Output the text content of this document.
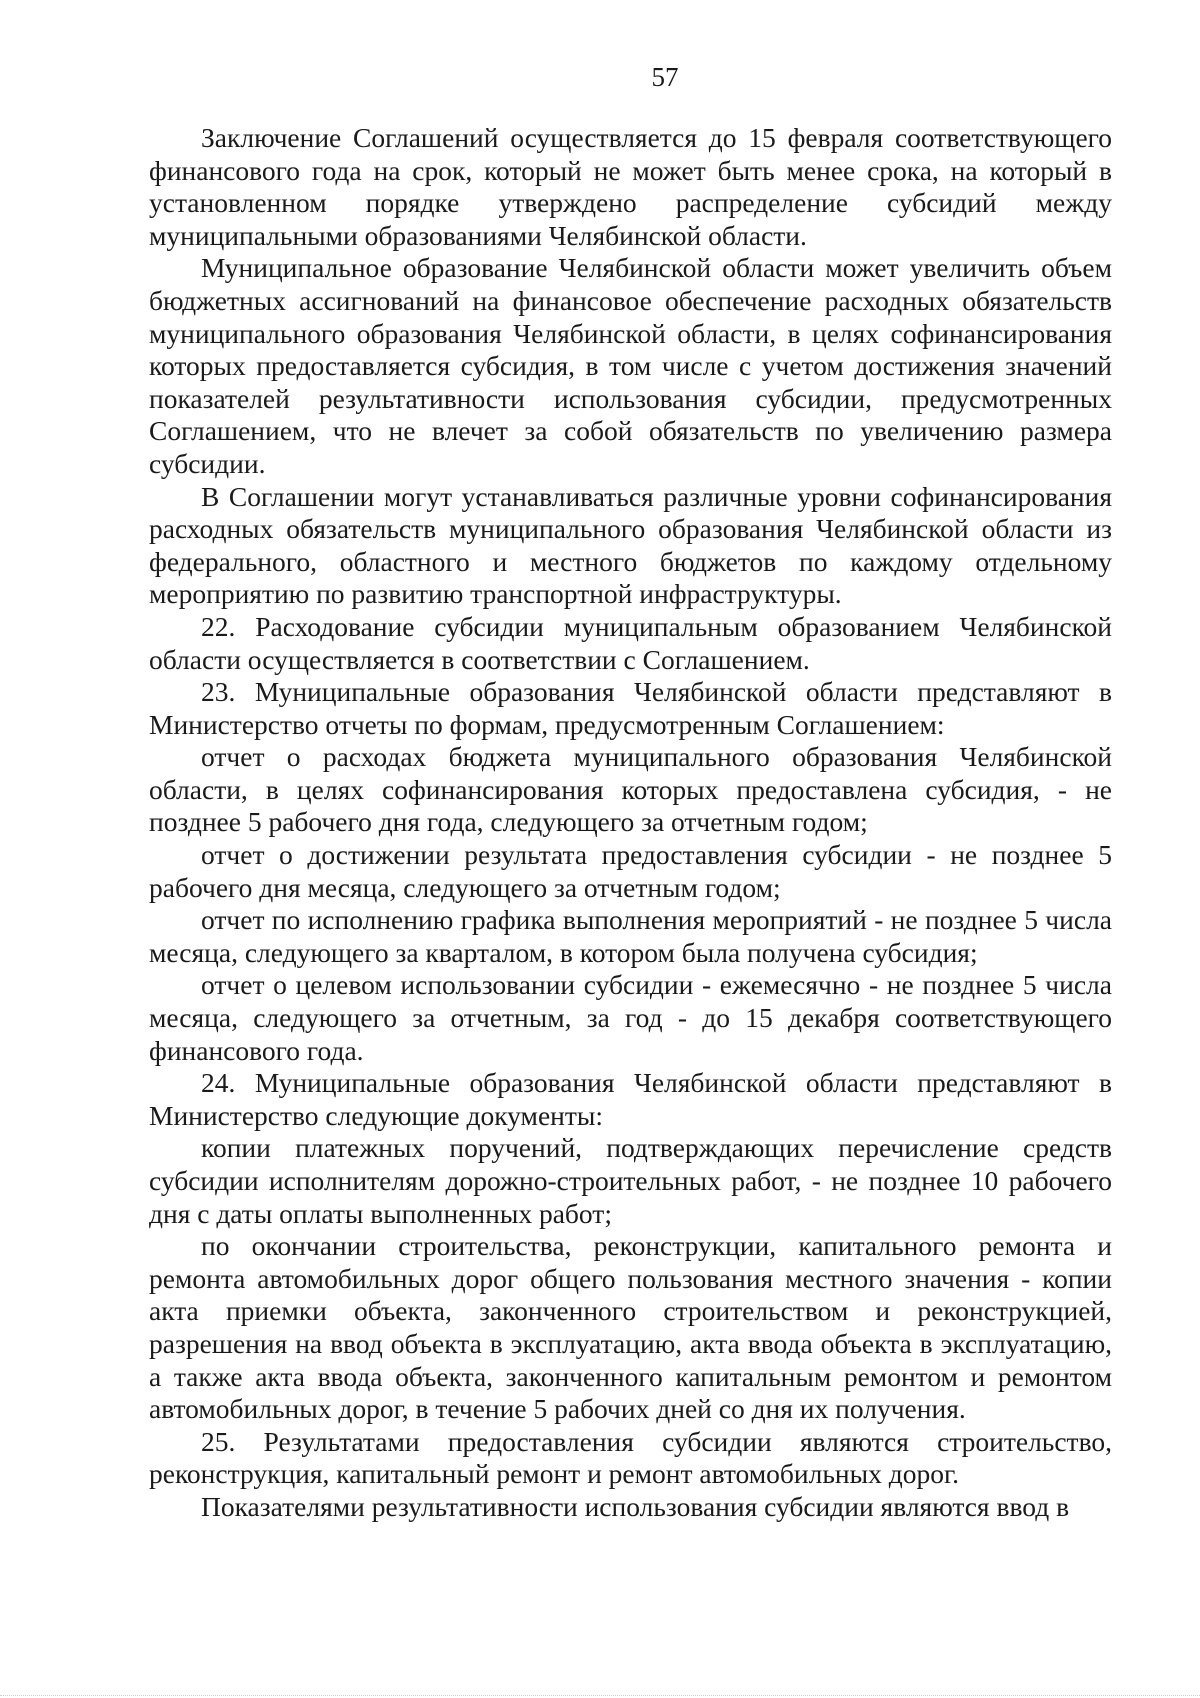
57

Заключение Соглашений осуществляется до 15 февраля соответствующего финансового года на срок, который не может быть менее срока, на который в установленном порядке утверждено распределение субсидий между муниципальными образованиями Челябинской области.

Муниципальное образование Челябинской области может увеличить объем бюджетных ассигнований на финансовое обеспечение расходных обязательств муниципального образования Челябинской области, в целях софинансирования которых предоставляется субсидия, в том числе с учетом достижения значений показателей результативности использования субсидии, предусмотренных Соглашением, что не влечет за собой обязательств по увеличению размера субсидии.

В Соглашении могут устанавливаться различные уровни софинансирования расходных обязательств муниципального образования Челябинской области из федерального, областного и местного бюджетов по каждому отдельному мероприятию по развитию транспортной инфраструктуры.

22. Расходование субсидии муниципальным образованием Челябинской области осуществляется в соответствии с Соглашением.

23. Муниципальные образования Челябинской области представляют в Министерство отчеты по формам, предусмотренным Соглашением:

отчет о расходах бюджета муниципального образования Челябинской области, в целях софинансирования которых предоставлена субсидия, - не позднее 5 рабочего дня года, следующего за отчетным годом;

отчет о достижении результата предоставления субсидии - не позднее 5 рабочего дня месяца, следующего за отчетным годом;

отчет по исполнению графика выполнения мероприятий - не позднее 5 числа месяца, следующего за кварталом, в котором была получена субсидия;

отчет о целевом использовании субсидии - ежемесячно - не позднее 5 числа месяца, следующего за отчетным, за год - до 15 декабря соответствующего финансового года.

24. Муниципальные образования Челябинской области представляют в Министерство следующие документы:

копии платежных поручений, подтверждающих перечисление средств субсидии исполнителям дорожно-строительных работ, - не позднее 10 рабочего дня с даты оплаты выполненных работ;

по окончании строительства, реконструкции, капитального ремонта и ремонта автомобильных дорог общего пользования местного значения - копии акта приемки объекта, законченного строительством и реконструкцией, разрешения на ввод объекта в эксплуатацию, акта ввода объекта в эксплуатацию, а также акта ввода объекта, законченного капитальным ремонтом и ремонтом автомобильных дорог, в течение 5 рабочих дней со дня их получения.

25. Результатами предоставления субсидии являются строительство, реконструкция, капитальный ремонт и ремонт автомобильных дорог.

Показателями результативности использования субсидии являются ввод в
